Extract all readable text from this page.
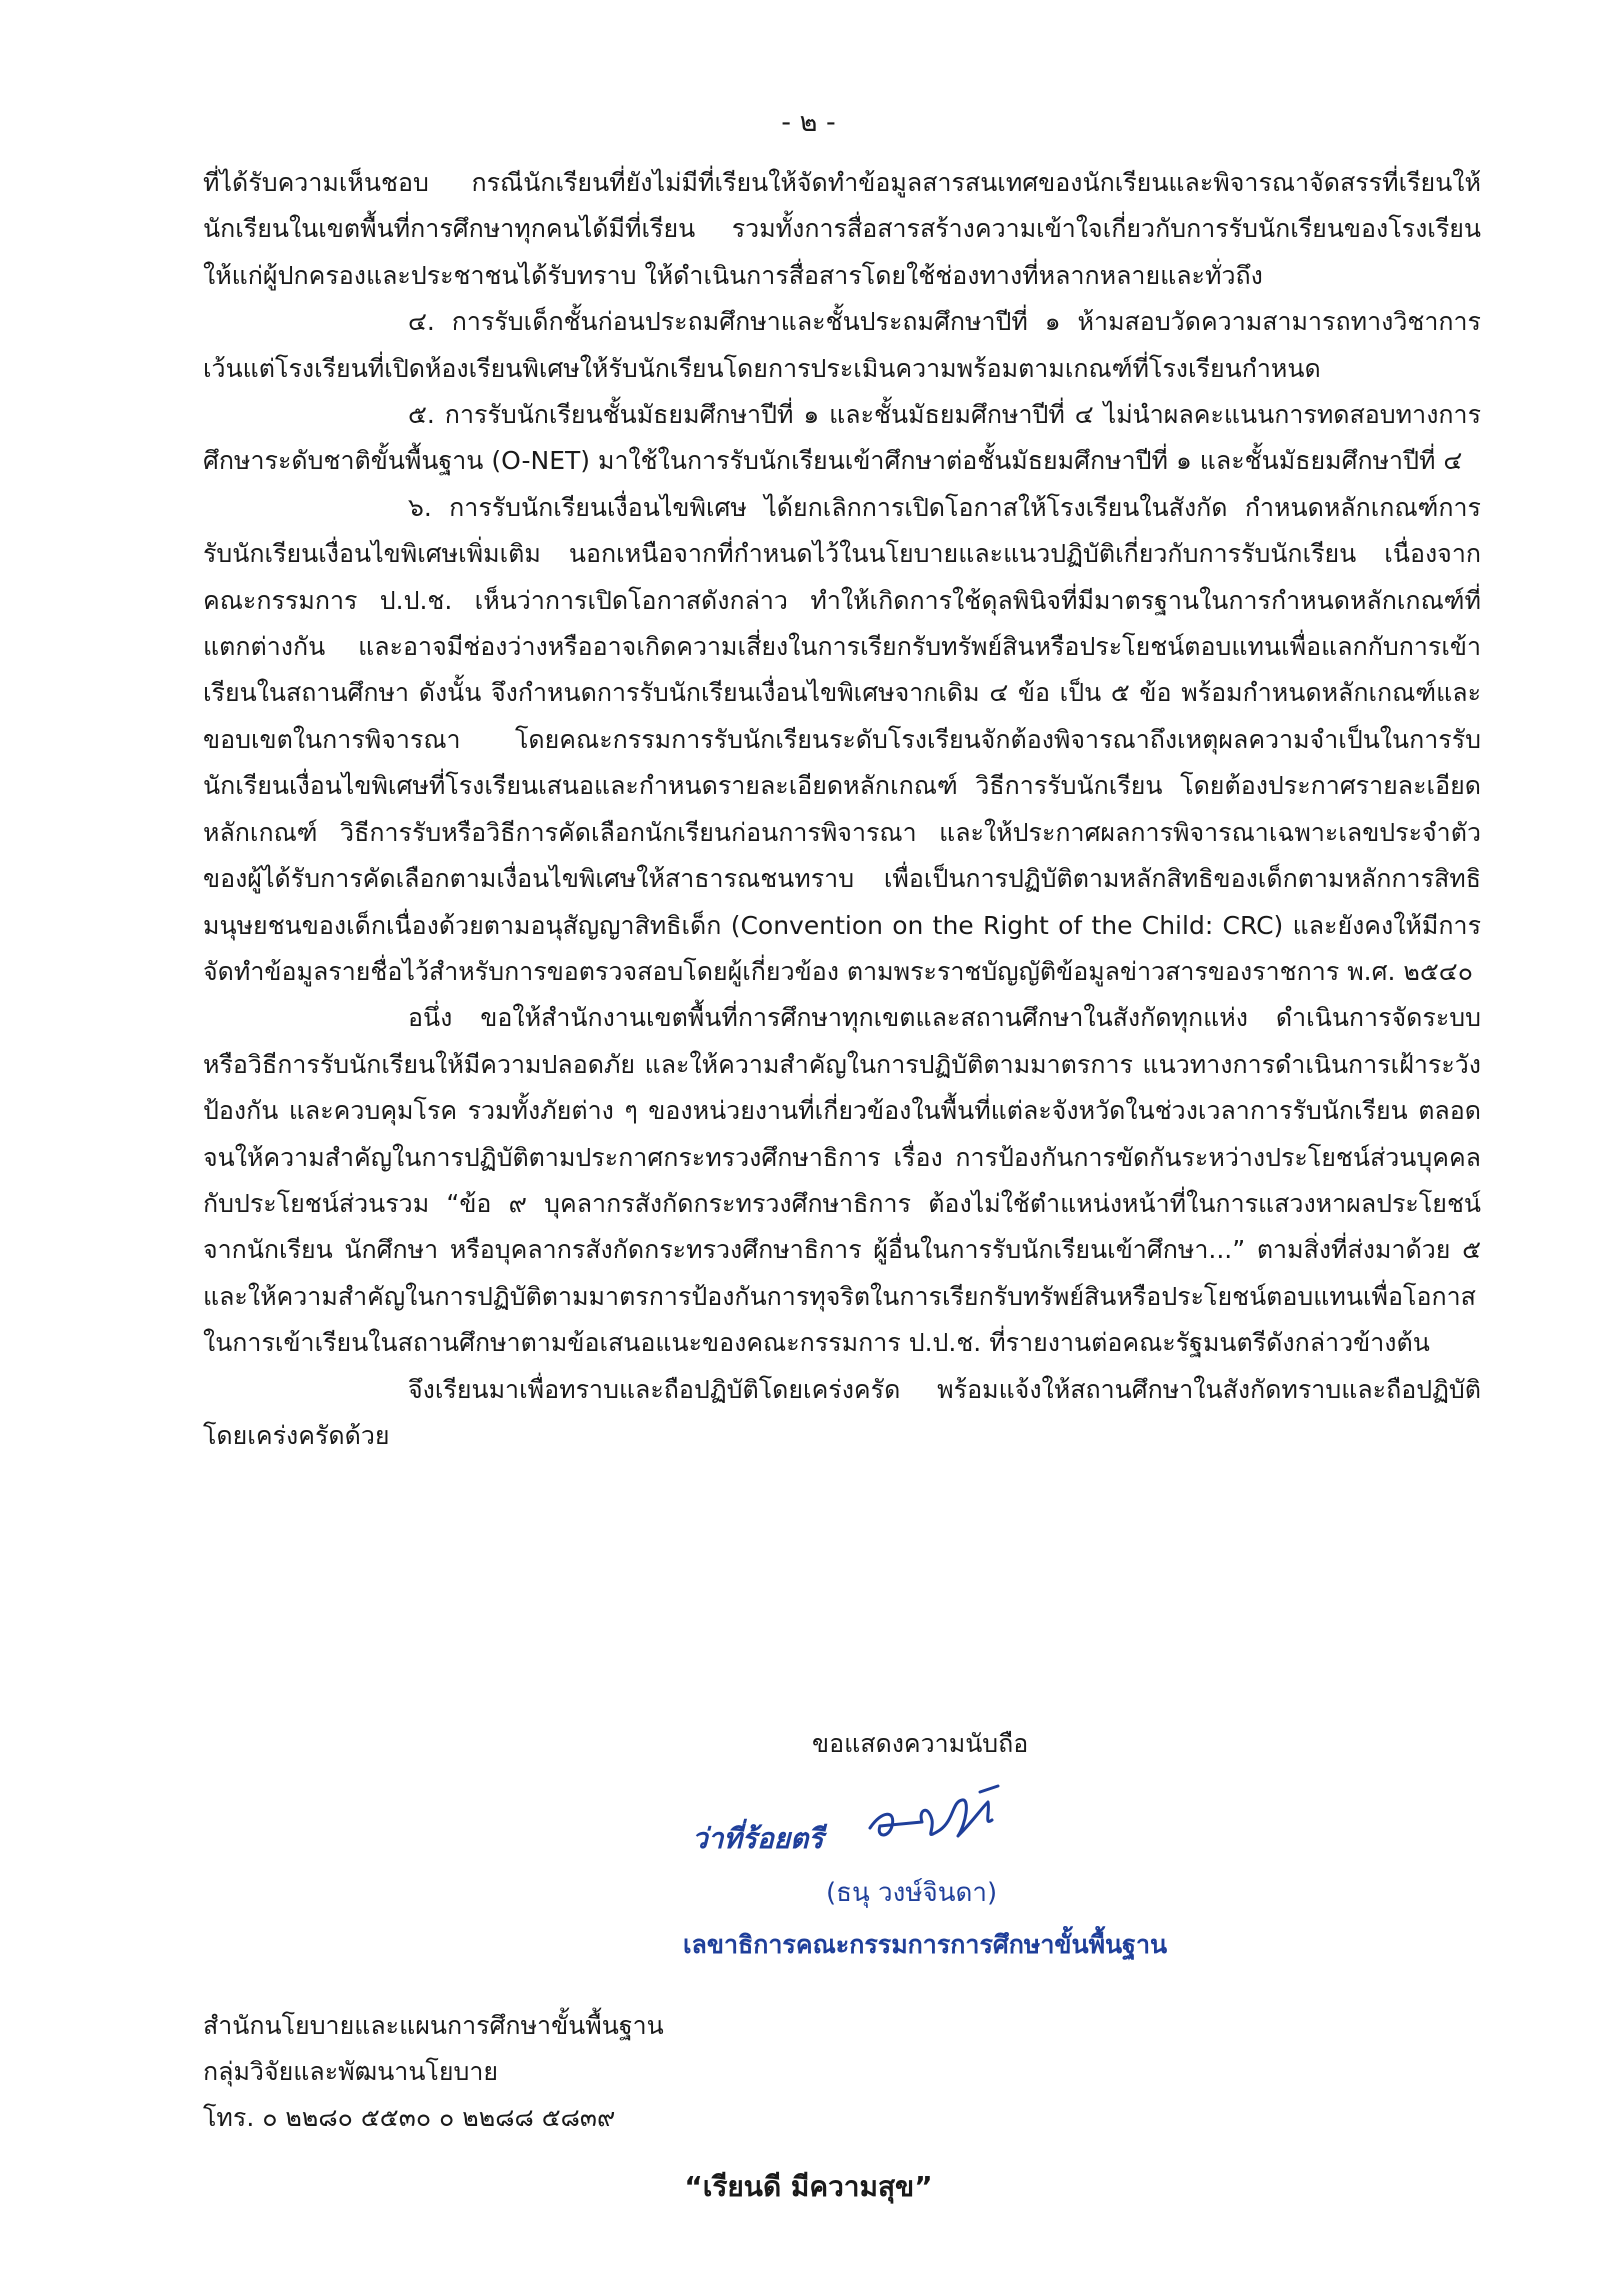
- ๒ -

ที่ได้รับความเห็นชอบ กรณีนักเรียนที่ยังไม่มีที่เรียนให้จัดทำข้อมูลสารสนเทศของนักเรียนและพิจารณาจัดสรรที่เรียนให้นักเรียนในเขตพื้นที่การศึกษาทุกคนได้มีที่เรียน รวมทั้งการสื่อสารสร้างความเข้าใจเกี่ยวกับการรับนักเรียนของโรงเรียนให้แก่ผู้ปกครองและประชาชนได้รับทราบ ให้ดำเนินการสื่อสารโดยใช้ช่องทางที่หลากหลายและทั่วถึง

๔. การรับเด็กชั้นก่อนประถมศึกษาและชั้นประถมศึกษาปีที่ ๑ ห้ามสอบวัดความสามารถทางวิชาการ เว้นแต่โรงเรียนที่เปิดห้องเรียนพิเศษให้รับนักเรียนโดยการประเมินความพร้อมตามเกณฑ์ที่โรงเรียนกำหนด

๕. การรับนักเรียนชั้นมัธยมศึกษาปีที่ ๑ และชั้นมัธยมศึกษาปีที่ ๔ ไม่นำผลคะแนนการทดสอบทางการศึกษาระดับชาติขั้นพื้นฐาน (O-NET) มาใช้ในการรับนักเรียนเข้าศึกษาต่อชั้นมัธยมศึกษาปีที่ ๑ และชั้นมัธยมศึกษาปีที่ ๔

๖. การรับนักเรียนเงื่อนไขพิเศษ ได้ยกเลิกการเปิดโอกาสให้โรงเรียนในสังกัด กำหนดหลักเกณฑ์การรับนักเรียนเงื่อนไขพิเศษเพิ่มเติม นอกเหนือจากที่กำหนดไว้ในนโยบายและแนวปฏิบัติเกี่ยวกับการรับนักเรียน เนื่องจากคณะกรรมการ ป.ป.ช. เห็นว่าการเปิดโอกาสดังกล่าว ทำให้เกิดการใช้ดุลพินิจที่มีมาตรฐานในการกำหนดหลักเกณฑ์ที่แตกต่างกัน และอาจมีช่องว่างหรืออาจเกิดความเสี่ยงในการเรียกรับทรัพย์สินหรือประโยชน์ตอบแทนเพื่อแลกกับการเข้าเรียนในสถานศึกษา ดังนั้น จึงกำหนดการรับนักเรียนเงื่อนไขพิเศษจากเดิม ๔ ข้อ เป็น ๕ ข้อ พร้อมกำหนดหลักเกณฑ์และขอบเขตในการพิจารณา โดยคณะกรรมการรับนักเรียนระดับโรงเรียนจักต้องพิจารณาถึงเหตุผลความจำเป็นในการรับนักเรียนเงื่อนไขพิเศษที่โรงเรียนเสนอและกำหนดรายละเอียดหลักเกณฑ์ วิธีการรับนักเรียน โดยต้องประกาศรายละเอียดหลักเกณฑ์ วิธีการรับหรือวิธีการคัดเลือกนักเรียนก่อนการพิจารณา และให้ประกาศผลการพิจารณาเฉพาะเลขประจำตัวของผู้ได้รับการคัดเลือกตามเงื่อนไขพิเศษให้สาธารณชนทราบ เพื่อเป็นการปฏิบัติตามหลักสิทธิของเด็กตามหลักการสิทธิมนุษยชนของเด็กเนื่องด้วยตามอนุสัญญาสิทธิเด็ก (Convention on the Right of the Child: CRC) และยังคงให้มีการจัดทำข้อมูลรายชื่อไว้สำหรับการขอตรวจสอบโดยผู้เกี่ยวข้อง ตามพระราชบัญญัติข้อมูลข่าวสารของราชการ พ.ศ. ๒๕๔๐

อนึ่ง ขอให้สำนักงานเขตพื้นที่การศึกษาทุกเขตและสถานศึกษาในสังกัดทุกแห่ง ดำเนินการจัดระบบหรือวิธีการรับนักเรียนให้มีความปลอดภัย และให้ความสำคัญในการปฏิบัติตามมาตรการ แนวทางการดำเนินการเฝ้าระวัง ป้องกัน และควบคุมโรค รวมทั้งภัยต่าง ๆ ของหน่วยงานที่เกี่ยวข้องในพื้นที่แต่ละจังหวัดในช่วงเวลาการรับนักเรียน ตลอดจนให้ความสำคัญในการปฏิบัติตามประกาศกระทรวงศึกษาธิการ เรื่อง การป้องกันการขัดกันระหว่างประโยชน์ส่วนบุคคลกับประโยชน์ส่วนรวม “ข้อ ๙ บุคลากรสังกัดกระทรวงศึกษาธิการ ต้องไม่ใช้ตำแหน่งหน้าที่ในการแสวงหาผลประโยชน์จากนักเรียน นักศึกษา หรือบุคลากรสังกัดกระทรวงศึกษาธิการ ผู้อื่นในการรับนักเรียนเข้าศึกษา...” ตามสิ่งที่ส่งมาด้วย ๕ และให้ความสำคัญในการปฏิบัติตามมาตรการป้องกันการทุจริตในการเรียกรับทรัพย์สินหรือประโยชน์ตอบแทนเพื่อโอกาสในการเข้าเรียนในสถานศึกษาตามข้อเสนอแนะของคณะกรรมการ ป.ป.ช. ที่รายงานต่อคณะรัฐมนตรีดังกล่าวข้างต้น

จึงเรียนมาเพื่อทราบและถือปฏิบัติโดยเคร่งครัด พร้อมแจ้งให้สถานศึกษาในสังกัดทราบและถือปฏิบัติโดยเคร่งครัดด้วย

ขอแสดงความนับถือ
ว่าที่ร้อยตรี
(ธนุ วงษ์จินดา)
เลขาธิการคณะกรรมการการศึกษาขั้นพื้นฐาน
สำนักนโยบายและแผนการศึกษาขั้นพื้นฐาน
กลุ่มวิจัยและพัฒนานโยบาย
โทร. ๐ ๒๒๘๐ ๕๕๓๐ ๐ ๒๒๘๘ ๕๘๓๙
“เรียนดี มีความสุข”
